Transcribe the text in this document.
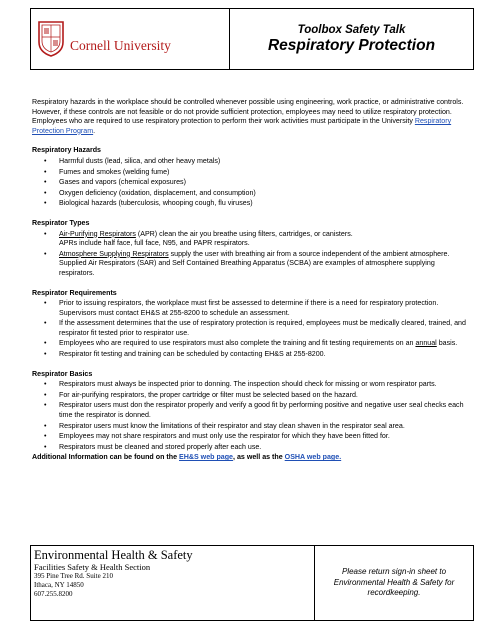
Cornell University
Toolbox Safety Talk
Respiratory Protection

Respiratory hazards in the workplace should be controlled whenever possible using engineering, work practice, or administrative controls. However, if these controls are not feasible or do not provide sufficient protection, employees may need to utilize respiratory protection. Employees who are required to use respiratory protection to perform their work activities must participate in the University Respiratory Protection Program.

Respiratory Hazards
• Harmful dusts (lead, silica, and other heavy metals)
• Fumes and smokes (welding fume)
• Gases and vapors (chemical exposures)
• Oxygen deficiency (oxidation, displacement, and consumption)
• Biological hazards (tuberculosis, whooping cough, flu viruses)
Respirator Types
• Air-Purifying Respirators (APR) clean the air you breathe using filters, cartridges, or canisters.
APRs include half face, full face, N95, and PAPR respirators.
• Atmosphere Supplying Respirators supply the user with breathing air from a source independent of the ambient atmosphere. Supplied Air Respirators (SAR) and Self Contained Breathing Apparatus (SCBA) are examples of atmosphere supplying respirators.
Respirator Requirements
• Prior to issuing respirators, the workplace must first be assessed to determine if there is a need for respiratory protection. Supervisors must contact EH&S at 255-8200 to schedule an assessment.
• If the assessment determines that the use of respiratory protection is required, employees must be medically cleared, trained, and respirator fit tested prior to respirator use.
• Employees who are required to use respirators must also complete the training and fit testing requirements on an annual basis.
• Respirator fit testing and training can be scheduled by contacting EH&S at 255-8200.
Respirator Basics
• Respirators must always be inspected prior to donning. The inspection should check for missing or worn respirator parts.
• For air-purifying respirators, the proper cartridge or filter must be selected based on the hazard.
• Respirator users must don the respirator properly and verify a good fit by performing positive and negative user seal checks each time the respirator is donned.
• Respirator users must know the limitations of their respirator and stay clean shaven in the respirator seal area.
• Employees may not share respirators and must only use the respirator for which they have been fitted for.
• Respirators must be cleaned and stored properly after each use.

Additional Information can be found on the EH&S web page, as well as the OSHA web page.

Environmental Health & Safety
Facilities Safety & Health Section
395 Pine Tree Rd. Suite 210
Ithaca, NY 14850
607.255.8200
Please return sign-in sheet to Environmental Health & Safety for recordkeeping.
